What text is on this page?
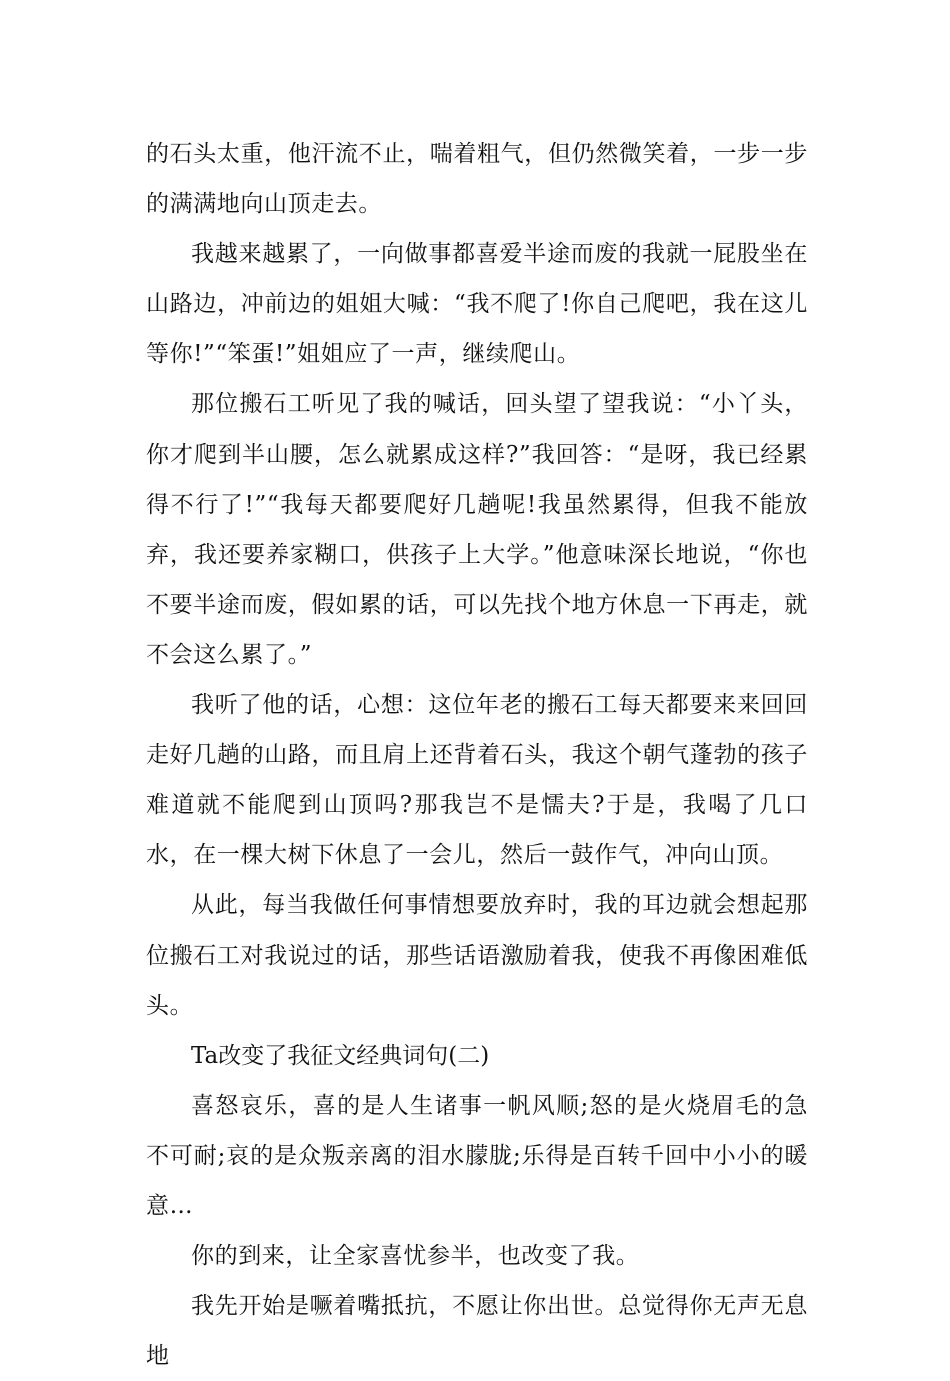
的石头太重，他汗流不止，喘着粗气，但仍然微笑着，一步一步的满满地向山顶走去。

我越来越累了，一向做事都喜爱半途而废的我就一屁股坐在山路边，冲前边的姐姐大喊：“我不爬了!你自己爬吧，我在这儿等你!”“笨蛋!”姐姐应了一声，继续爬山。

那位搬石工听见了我的喊话，回头望了望我说：“小丫头，你才爬到半山腰，怎么就累成这样?”我回答：“是呀，我已经累得不行了!”“我每天都要爬好几趟呢!我虽然累得，但我不能放弃，我还要养家糊口，供孩子上大学。”他意味深长地说，“你也不要半途而废，假如累的话，可以先找个地方休息一下再走，就不会这么累了。”

我听了他的话，心想：这位年老的搬石工每天都要来来回回走好几趟的山路，而且肩上还背着石头，我这个朝气蓬勃的孩子难道就不能爬到山顶吗?那我岂不是懦夫?于是，我喝了几口水，在一棵大树下休息了一会儿，然后一鼓作气，冲向山顶。

从此，每当我做任何事情想要放弃时，我的耳边就会想起那位搬石工对我说过的话，那些话语激励着我，使我不再像困难低头。

Ta改变了我征文经典词句(二)

喜怒哀乐，喜的是人生诸事一帆风顺;怒的是火烧眉毛的急不可耐;哀的是众叛亲离的泪水朦胧;乐得是百转千回中小小的暖意…

你的到来，让全家喜忧参半，也改变了我。

我先开始是噘着嘴抵抗，不愿让你出世。总觉得你无声无息地
